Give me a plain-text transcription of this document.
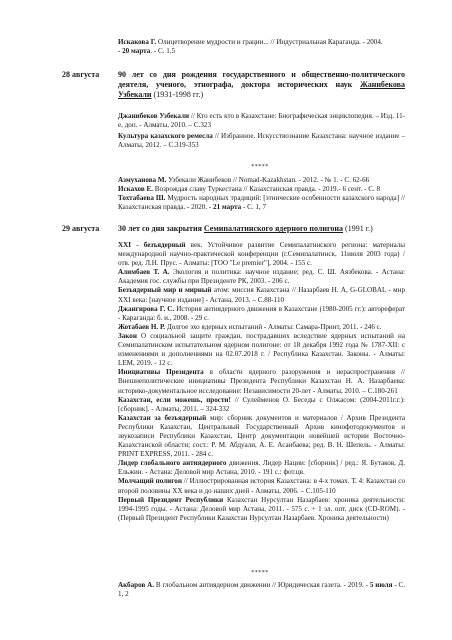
Искакова Г. Олицетворение мудрости и грации... // Индустриальная Караганда. - 2004.
- 20 марта. - С. 1,5
28 августа 90 лет со дня рождения государственного и общественно-политического деятеля, ученого, этнографа, доктора исторических наук Жанибекова Узбекали (1931-1998 гг.)

Джанибеков Узбекали // Кто есть кто в Казахстане: Биографическая энциклопедия. – Изд. 11-е, доп. - Алматы, 2010. – С.323

Культура казахского ремесла // Избранное. Искусствознание Казахстана: научное издание – Алматы, 2012. – С.319-353

*****

Азмуханова М. Узбекали Жанибеков // Nomad-Kazakhstan. - 2012. - № 1. - С. 62-66

Искахов Е. Возрождая славу Туркестана // Казахстанская правда. - 2019.- 6 сент. - С. 8

Тохтабаева Ш. Мудрость народных традиций: [этнические особенности казахского народа] // Казахстанская правда. - 2020. - 21 марта - С. 1, 7

29 августа 30 лет со дня закрытия Семипалатинского ядерного полигона (1991 г.)

XXI - безъядерный век. Устойчивое развитие Семипалатинского региона: материалы международной научно-практической конференции (г.Семипалатинск, 11июля 2003 года) / отв. ред. Л.Н. Прус. - Алматы: [ТОО "Le premier"], 2004. - 155 с.

Алимбаев Т. А. Экология и политика: научное издание; ред. С. Ш. Аязбекова. - Астана: Академия гос. службы при Президенте РК, 2003. - 206 с.

Безъядерный мир и мирный атом: миссия Казахстана // Назарбаев Н. А, G-GLOBAL - мир XXI века: [научное издание] - Астана, 2013. – С.88-110

Джангирова Г. С. История антиядерного движения в Казахстане (1980-2005 гг.): автореферат - Караганда: б. и., 2008. - 29 с.

Жотабаев Н. Р. Долгое эхо ядерных испытаний - Алматы: Самара-Принт, 2011. - 246 с.

Закон О социальной защите граждан, пострадавших вследствие ядерных испытаний на Семипалатинском испытательном ядерном полигоне: от 18 декабря 1992 года № 1787-XII: с изменениями и дополнениями на 02.07.2018 г. / Республика Казахстан. Законы. - Алматы: LEM, 2019. - 12 с.

Инициативы Президента в области ядерного разоружения и нераспространения // Внешнеполитические инициативы Президента Республики Казахстан Н. А. Назарбаева: историко-документальное исследование: Независимости 20-лет - Алматы, 2010. – С.180-261

Казахстан, если можешь, прости! // Сулейменов О. Беседы с Олжасом: (2004-2011г.г.): [сборник]. - Алматы, 2011. – 324-332

Казахстан за безъядерный мир: сборник документов и материалов / Архив Президента Республики Казахстан, Центральный Государственный Архив кинофотодокументов и звукозаписи Республики Казахстан, Центр документации новейшей истории Восточно-Казахстанской области; сост.: Р. М. Абдуали, А. Е. Асанбаева; ред. В. Н. Шепель. - Алматы: PRINT EXPRESS, 2011. - 284 с.

Лидер глобального антиядерного движения. Лидер Нации: [сборник] / ред.: Я. Бутаков, Д. Ельжин. - Астана: Деловой мир Астана, 2010. - 191 с.: фот.цв.

Молчащий полигон // Иллюстрированная история Казахстана: в 4-х томах. Т. 4: Казахстан со второй половины XX века и до наших дней - Алматы, 2006. – С.105-110

Первый Президент Республики Казахстан Нурсултан Назарбаев: хроника деятельности: 1994-1995 годы. - Астана: Деловой мир Астана, 2011. - 575 с. + 1 эл. опт. диск (CD-ROM). - (Первый Президент Республики Казахстан Нурсултан Назарбаев. Хроника деятельности)

*****

Акбаров А. В глобальном антиядерном движении // Юридическая газета. - 2019. - 5 июля - С. 1, 2
